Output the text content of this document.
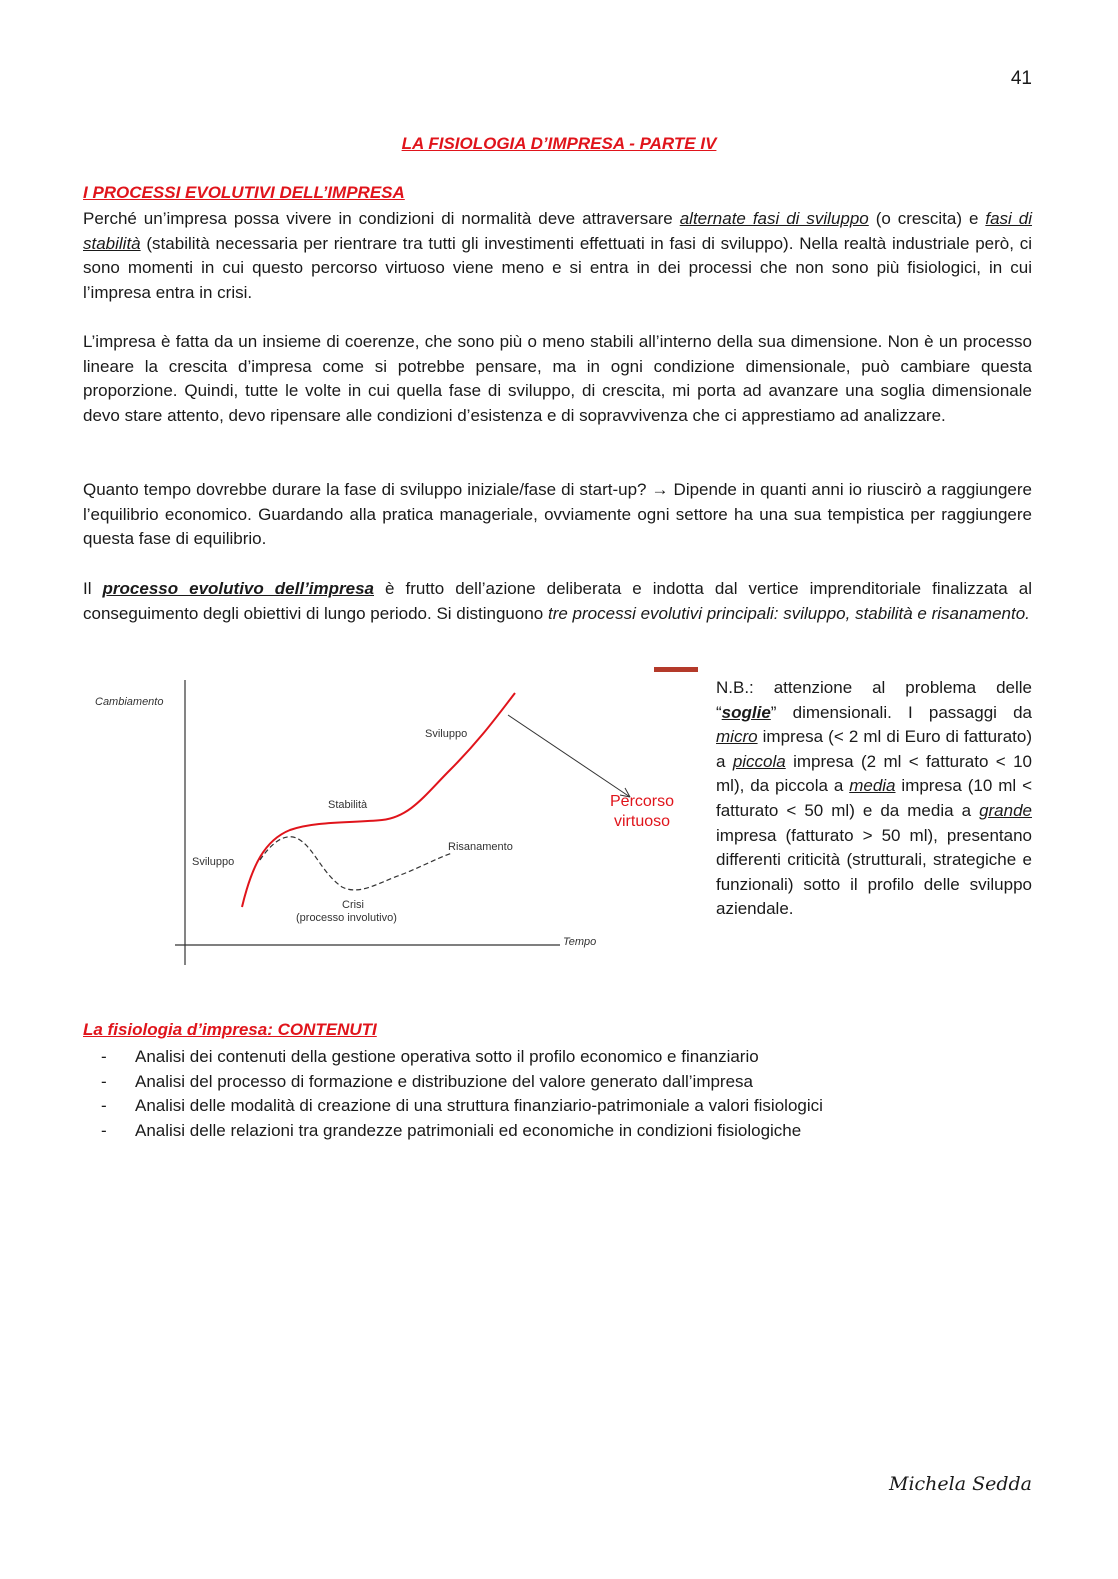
41
LA FISIOLOGIA D’IMPRESA - PARTE IV
I PROCESSI EVOLUTIVI DELL’IMPRESA

Perché un’impresa possa vivere in condizioni di normalità deve attraversare alternate fasi di sviluppo (o crescita) e fasi di stabilità (stabilità necessaria per rientrare tra tutti gli investimenti effettuati in fasi di sviluppo). Nella realtà industriale però, ci sono momenti in cui questo percorso virtuoso viene meno e si entra in dei processi che non sono più fisiologici, in cui l’impresa entra in crisi.

L’impresa è fatta da un insieme di coerenze, che sono più o meno stabili all’interno della sua dimensione. Non è un processo lineare la crescita d’impresa come si potrebbe pensare, ma in ogni condizione dimensionale, può cambiare questa proporzione. Quindi, tutte le volte in cui quella fase di sviluppo, di crescita, mi porta ad avanzare una soglia dimensionale devo stare attento, devo ripensare alle condizioni d’esistenza e di sopravvivenza che ci apprestiamo ad analizzare.

Quanto tempo dovrebbe durare la fase di sviluppo iniziale/fase di start-up? → Dipende in quanti anni io riuscirò a raggiungere l’equilibrio economico. Guardando alla pratica manageriale, ovviamente ogni settore ha una sua tempistica per raggiungere questa fase di equilibrio.

Il processo evolutivo dell’impresa è frutto dell’azione deliberata e indotta dal vertice imprenditoriale finalizzata al conseguimento degli obiettivi di lungo periodo. Si distinguono tre processi evolutivi principali: sviluppo, stabilità e risanamento.

Cambiamento
Tempo
Sviluppo
Stabilità
Sviluppo
Risanamento
Crisi
(processo involutivo)
Percorso
virtuoso

N.B.: attenzione al problema delle “soglie” dimensionali. I passaggi da micro impresa (< 2 ml di Euro di fatturato) a piccola impresa (2 ml < fatturato < 10 ml), da piccola a media impresa (10 ml < fatturato < 50 ml) e da media a grande impresa (fatturato > 50 ml), presentano differenti criticità (strutturali, strategiche e funzionali) sotto il profilo delle sviluppo aziendale.

La fisiologia d’impresa: CONTENUTI
- Analisi dei contenuti della gestione operativa sotto il profilo economico e finanziario
- Analisi del processo di formazione e distribuzione del valore generato dall’impresa
- Analisi delle modalità di creazione di una struttura finanziario-patrimoniale a valori fisiologici
- Analisi delle relazioni tra grandezze patrimoniali ed economiche in condizioni fisiologiche
Michela Sedda
